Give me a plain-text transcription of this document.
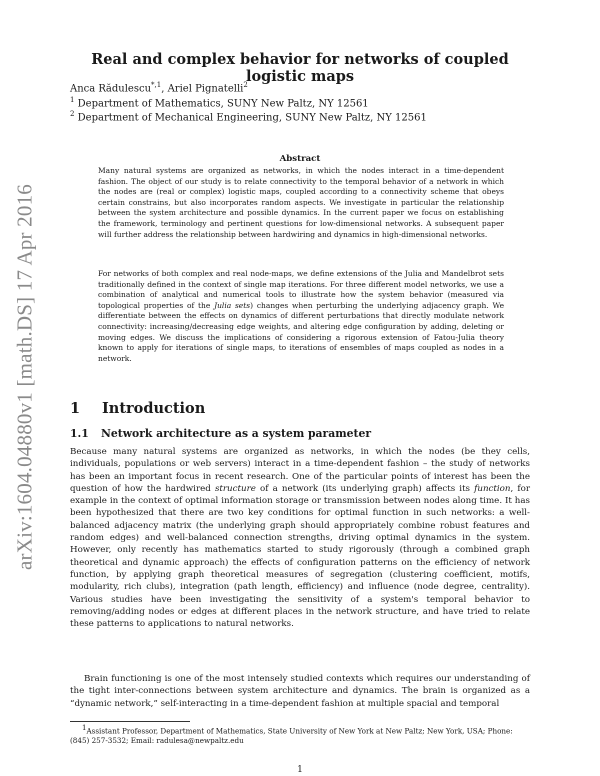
arXiv:1604.04880v1 [math.DS] 17 Apr 2016
Real and complex behavior for networks of coupled logistic maps

Anca Rădulescu$^{*,1}$, Ariel Pignatelli$^2$

$^1$ Department of Mathematics, SUNY New Paltz, NY 12561

$^2$ Department of Mechanical Engineering, SUNY New Paltz, NY 12561

Abstract

Many natural systems are organized as networks, in which the nodes interact in a time-dependent fashion. The object of our study is to relate connectivity to the temporal behavior of a network in which the nodes are (real or complex) logistic maps, coupled according to a connectivity scheme that obeys certain constrains, but also incorporates random aspects. We investigate in particular the relationship between the system architecture and possible dynamics. In the current paper we focus on establishing the framework, terminology and pertinent questions for low-dimensional networks. A subsequent paper will further address the relationship between hardwiring and dynamics in high-dimensional networks.

For networks of both complex and real node-maps, we define extensions of the Julia and Mandelbrot sets traditionally defined in the context of single map iterations. For three different model networks, we use a combination of analytical and numerical tools to illustrate how the system behavior (measured via topological properties of the Julia sets) changes when perturbing the underlying adjacency graph. We differentiate between the effects on dynamics of different perturbations that directly modulate network connectivity: increasing/decreasing edge weights, and altering edge configuration by adding, deleting or moving edges. We discuss the implications of considering a rigorous extension of Fatou-Julia theory known to apply for iterations of single maps, to iterations of ensembles of maps coupled as nodes in a network.

1 Introduction
1.1 Network architecture as a system parameter

Because many natural systems are organized as networks, in which the nodes (be they cells, individuals, populations or web servers) interact in a time-dependent fashion – the study of networks has been an important focus in recent research. One of the particular points of interest has been the question of how the hardwired structure of a network (its underlying graph) affects its function, for example in the context of optimal information storage or transmission between nodes along time. It has been hypothesized that there are two key conditions for optimal function in such networks: a well-balanced adjacency matrix (the underlying graph should appropriately combine robust features and random edges) and well-balanced connection strengths, driving optimal dynamics in the system. However, only recently has mathematics started to study rigorously (through a combined graph theoretical and dynamic approach) the effects of configuration patterns on the efficiency of network function, by applying graph theoretical measures of segregation (clustering coefficient, motifs, modularity, rich clubs), integration (path length, efficiency) and influence (node degree, centrality). Various studies have been investigating the sensitivity of a system's temporal behavior to removing/adding nodes or edges at different places in the network structure, and have tried to relate these patterns to applications to natural networks.

Brain functioning is one of the most intensely studied contexts which requires our understanding of the tight inter-connections between system architecture and dynamics. The brain is organized as a “dynamic network,” self-interacting in a time-dependent fashion at multiple spacial and temporal

$^1$Assistant Professor, Department of Mathematics, State University of New York at New Paltz; New York, USA; Phone: (845) 257-3532; Email: radulesa@newpaltz.edu

1
